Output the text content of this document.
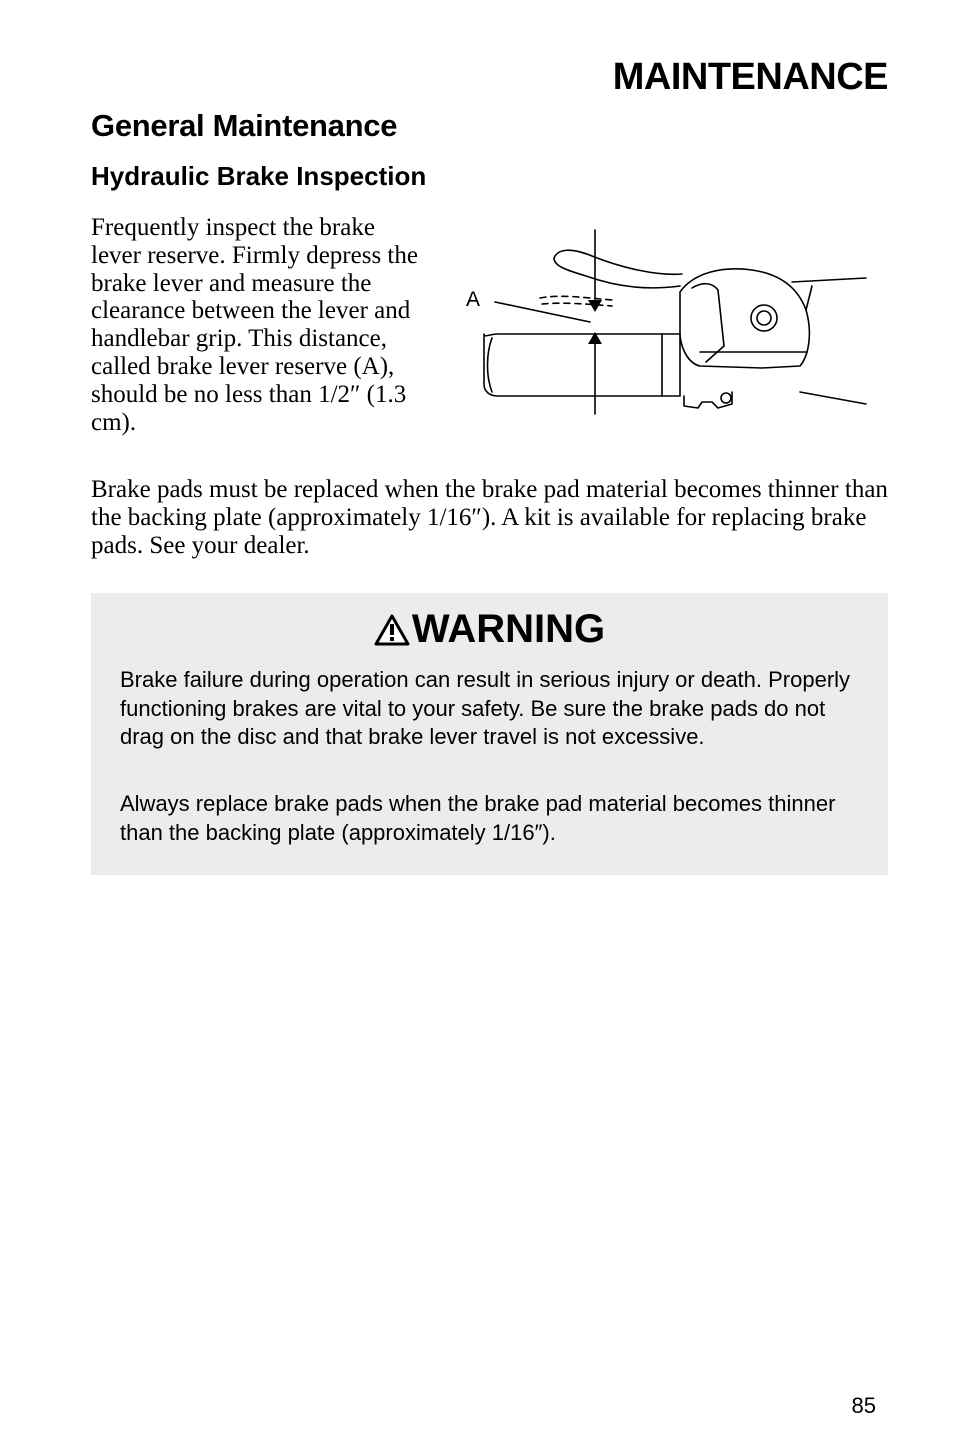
MAINTENANCE
General Maintenance
Hydraulic Brake Inspection

Frequently inspect the brake lever reserve. Firmly depress the brake lever and measure the clearance between the lever and handlebar grip. This distance, called brake lever reserve (A), should be no less than 1/2″ (1.3 cm).

A

Brake pads must be replaced when the brake pad material becomes thinner than the backing plate (approximately 1/16″). A kit is available for replacing brake pads. See your dealer.

WARNING

Brake failure during operation can result in serious injury or death. Properly functioning brakes are vital to your safety. Be sure the brake pads do not drag on the disc and that brake lever travel is not excessive.

Always replace brake pads when the brake pad material becomes thinner than the backing plate (approximately 1/16″).

85
